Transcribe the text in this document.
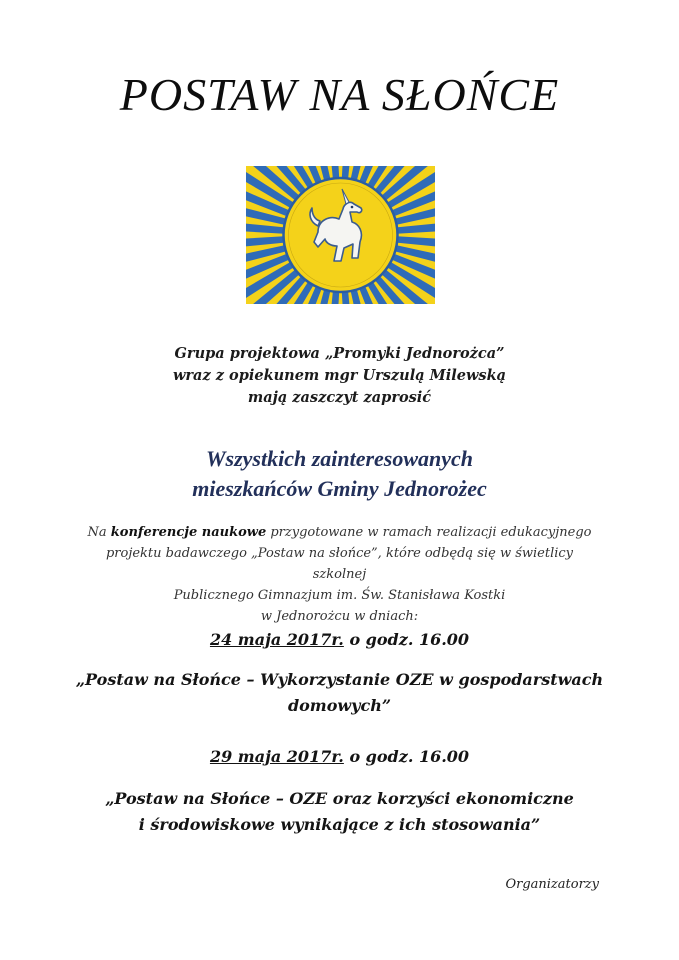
POSTAW NA SŁOŃCE
Grupa projektowa „Promyki Jednorożca”
wraz z opiekunem mgr Urszulą Milewską
mają zaszczyt zaprosić
Wszystkich zainteresowanych
mieszkańców Gminy Jednorożec
Na konferencje naukowe przygotowane w ramach realizacji edukacyjnego
projektu badawczego „Postaw na słońce”, które odbędą się w świetlicy szkolnej
Publicznego Gimnazjum im. Św. Stanisława Kostki
w Jednorożcu w dniach:
24 maja 2017r. o godz. 16.00
„Postaw na Słońce – Wykorzystanie OZE w gospodarstwach
domowych”
29 maja 2017r. o godz. 16.00
„Postaw na Słońce – OZE oraz korzyści ekonomiczne
i środowiskowe wynikające z ich stosowania”
Organizatorzy
